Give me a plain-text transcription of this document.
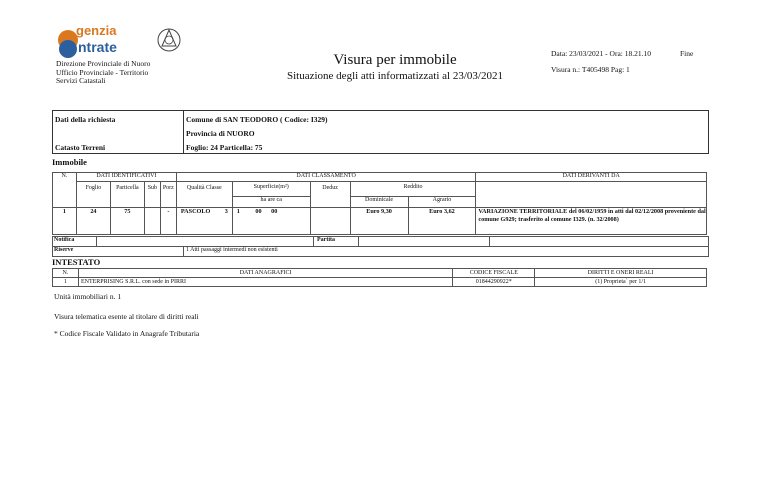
genzia
ntrate
Direzione Provinciale di Nuoro
Ufficio Provinciale - Territorio
Servizi Catastali
Visura per immobile
Situazione degli atti informatizzati al 23/03/2021
Data: 23/03/2021 - Ora: 18.21.10	Fine
Visura n.: T405498 Pag: 1
Dati della richiesta
Catasto Terreni
Comune di SAN TEODORO ( Codice: I329)
Provincia di NUORO
Foglio: 24 Particella: 75
Immobile
N.	DATI IDENTIFICATIVI				DATI CLASSAMENTO					DATI DERIVANTI DA
	Foglio	Particella	Sub	Porz	Qualità Classe	Superficie(m²)	Deduz	Reddito		
						ha are ca		Dominicale	Agrario	
1	24	75		-	PASCOLO 3	1 00 00		Euro 9,30	Euro 3,62	VARIAZIONE TERRITORIALE del 06/02/1959 in atti dal 02/12/2008 proveniente dal comune G929; trasferito al comune I329. (n. 32/2008)
Notifica	Partita
Riserve	1 Atti passaggi intermedi non esistenti
INTESTATO
N.	DATI ANAGRAFICI	CODICE FISCALE	DIRITTI E ONERI REALI
1	ENTERPRISING S.R.L. con sede in PIRRI	01844290922*	(1) Proprieta` per 1/1
Unità immobiliari n. 1
Visura telematica esente al titolare di diritti reali
* Codice Fiscale Validato in Anagrafe Tributaria
